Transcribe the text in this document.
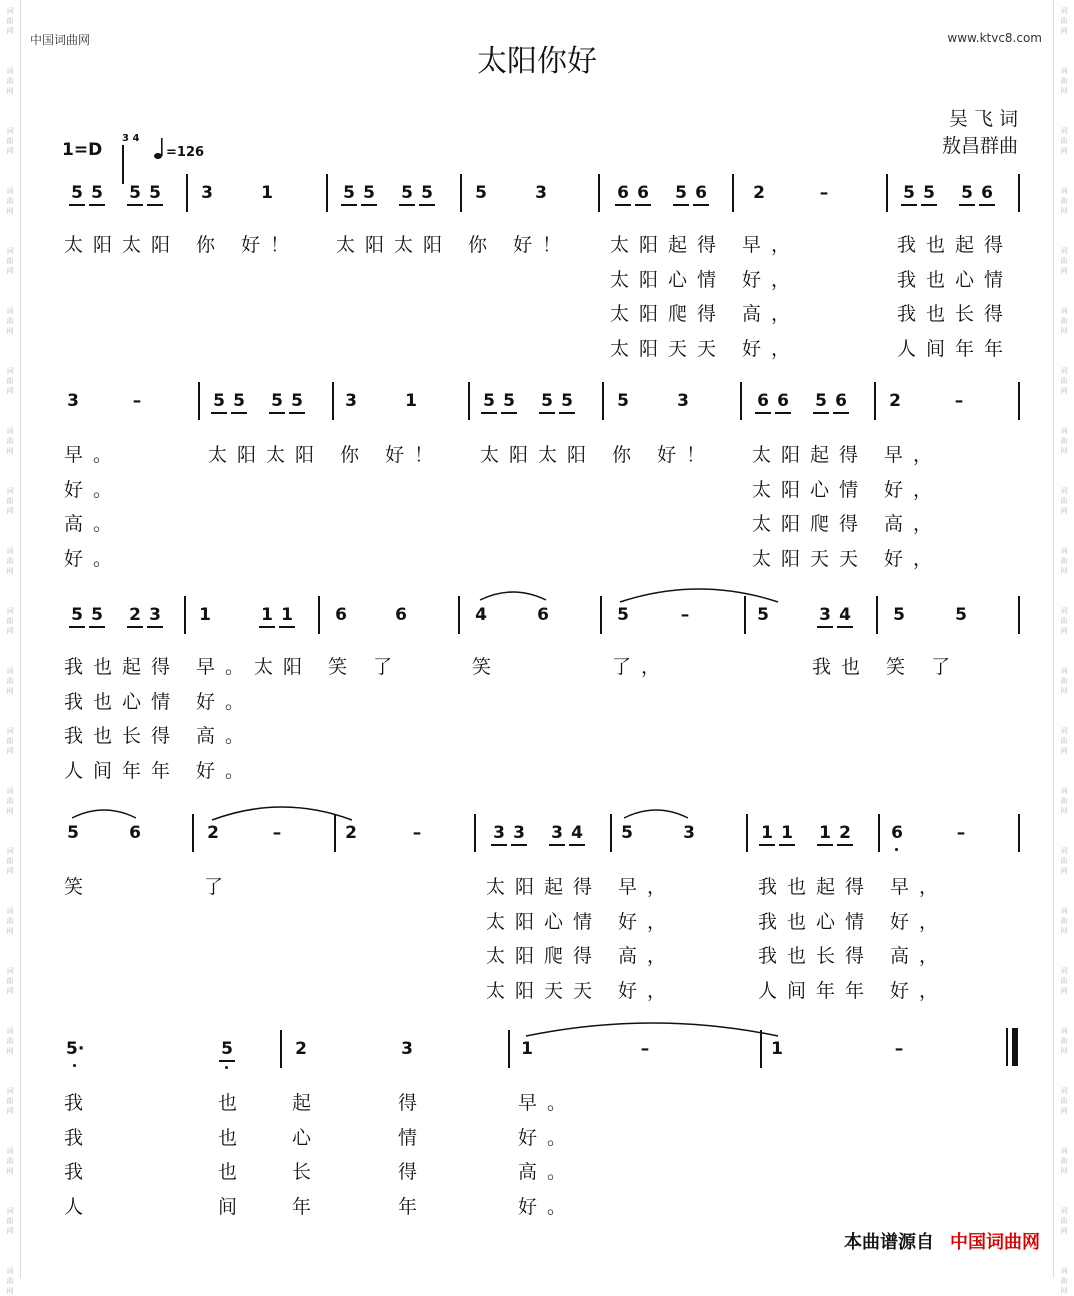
词
曲
网
词
曲
网
词
曲
网
词
曲
网
词
曲
网
词
曲
网
词
曲
网
词
曲
网
词
曲
网
词
曲
网
词
曲
网
词
曲
网
词
曲
网
词
曲
网
词
曲
网
词
曲
网
词
曲
网
词
曲
网
词
曲
网
词
曲
网
词
曲
网
词
曲
网
词
曲
网
词
曲
网
词
曲
网
词
曲
网
词
曲
网
词
曲
网
词
曲
网
词
曲
网
词
曲
网
词
曲
网
词
曲
网
词
曲
网
词
曲
网
词
曲
网
词
曲
网
词
曲
网
词
曲
网
词
曲
网
词
曲
网
词
曲
网
词
曲
网
词
曲
网
中国词曲网	www.ktvc8.com
太阳你好
吴 飞 词
敖昌群曲
1=D
3 4
=126
5 5 5 5 3	1	5 5 5 5 5	3	6 6 5 6	2	–	5 5 5 6
太阳太阳 你 好！ 太阳太阳 你 好！ 太阳起得 早，	我也起得
太阳心情 好，	我也心情
太阳爬得 高，	我也长得
太阳天天 好，	人间年年
3	–	5 5 5 5 3	1	5 5 5 5	5	3	6 6 5 6 2	–
早。	太阳太阳 你 好！ 太阳太阳 你 好！ 太阳起得 早，
好。	太阳心情 好，
高。	太阳爬得 高，
好。	太阳天天 好，
5 5 2 3 1	1 1 6	6	4	6	5	–	5	3 4 5	5
我也起得 早。太阳 笑 了	笑	了，	我也 笑 了
我也心情 好。
我也长得 高。
人间年年 好。
5	6	2	–	2	–	3 3 3 4 5	3	1 1 1 2 6	–
笑	了	太阳起得 早，	我也起得 早，
太阳心情 好，	我也心情 好，
太阳爬得 高，	我也长得 高，
太阳天天 好，	人间年年 好，
5·	5	2	3	1	–	1	–
我	也 起	得	早。
我	也 心	情	好。
我	也 长	得	高。
人	间 年	年	好。
本曲谱源自 中国词曲网
